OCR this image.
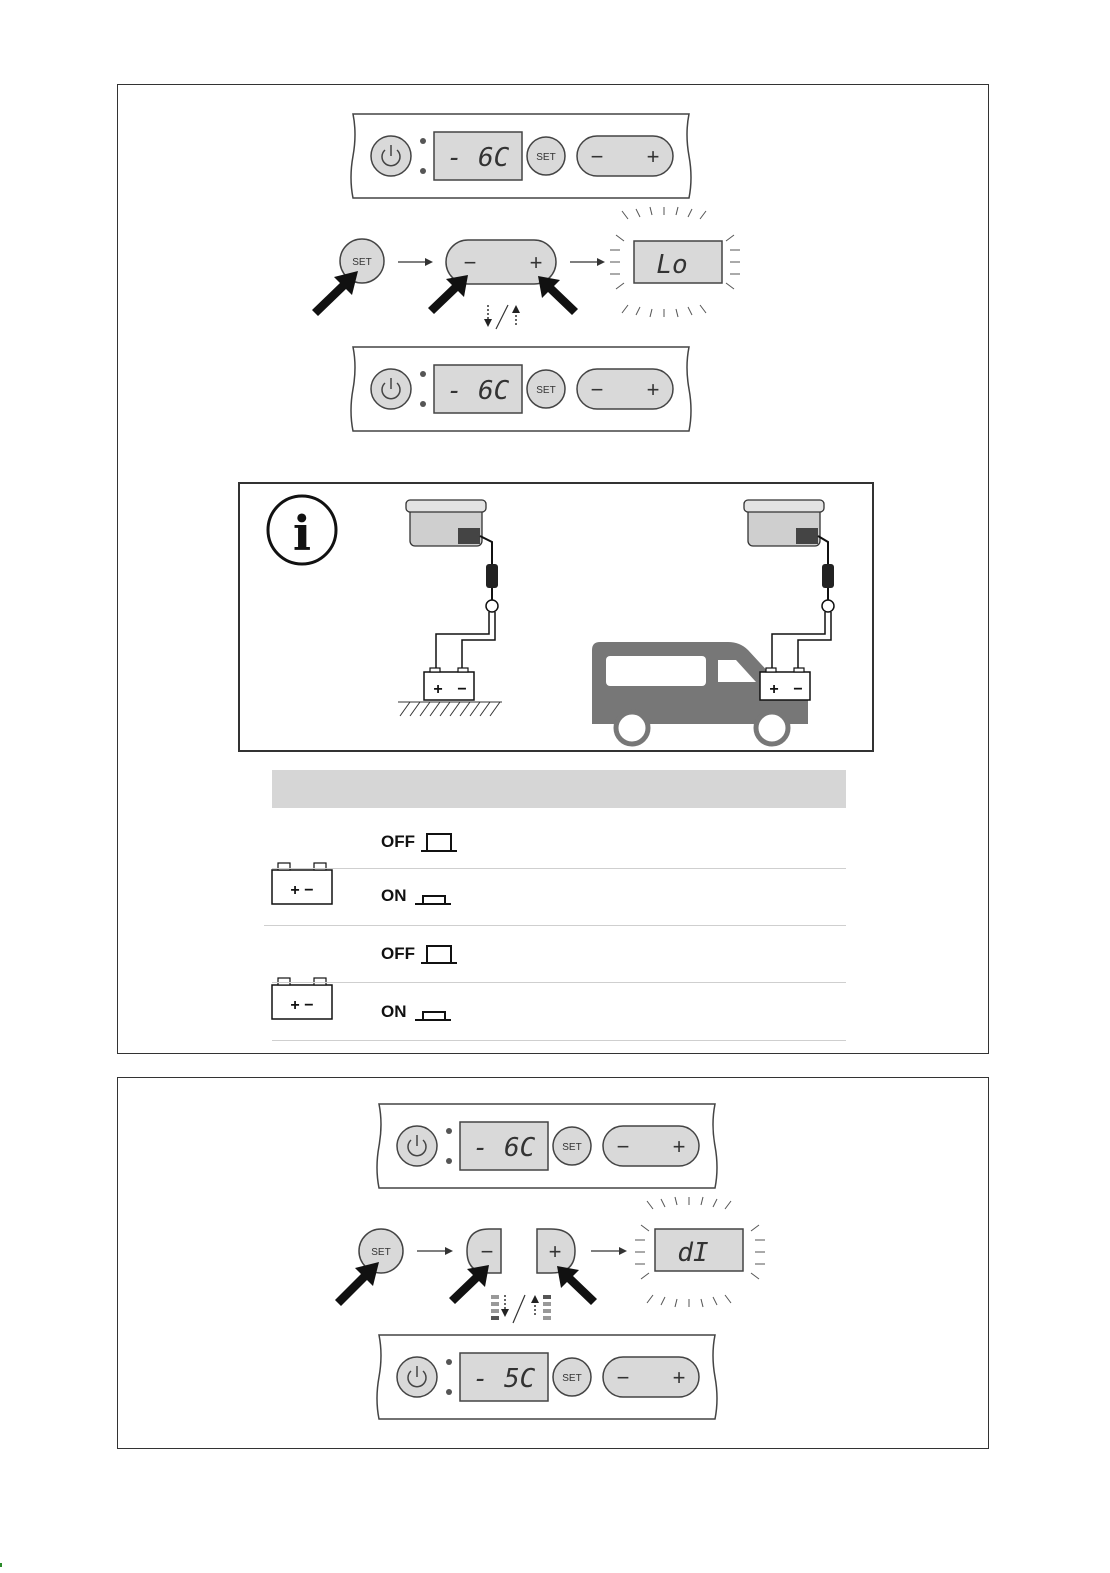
- 6C	SET − +
SET	− +	Lo
- 6C	SET − +
i
+ −	+ −
+ −
OFF
ON
+ −
OFF
ON
- 6C	SET − +
SET	−	+	dI
- 5C	SET − +
